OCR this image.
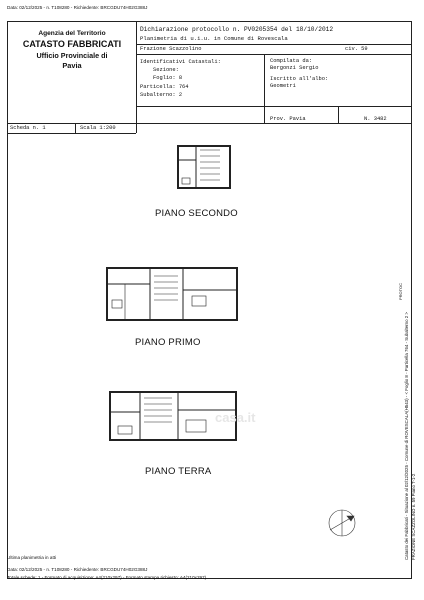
Data: 02/12/2025 - n. T108280 - Richiedente: BRCGDU74H02G388J
Agenzia del Territorio
CATASTO FABBRICATI
Ufficio Provinciale di
Pavia
Scheda n. 1	Scala 1:200
Dichiarazione protocollo n. PV0205354 del 18/10/2012
Planimetria di u.i.u. in Comune di Rovescala
Frazione Scazzolino	civ. 59
Identificativi Catastali:
Sezione:
Foglio: 8
Particella: 764
Subalterno: 2
Compilata da:
Bergonzi Sergio
Iscritto all'albo:
Geometri
Prov. Pavia	N. 3482
PIANO SECONDO
PIANO PRIMO
PIANO TERRA
casa.it	Catasto dei Fabbricati - Situazione al 02/12/2025 - Comune di ROVESCALA(H543) - < Foglio 8 - Particella 764 - Subalterno 2 > FRAZIONE SCAZZOLINO n. 59 Piano T-1-2
PROTOC
Ultima planimetria in atti
Data: 02/12/2025 - n. T108280 - Richiedente: BRCGDU74H02G388J
Totale schede: 1 - Formato di acquisizione: A4(210x297) - Formato stampa richiesto: A4(210x297)
